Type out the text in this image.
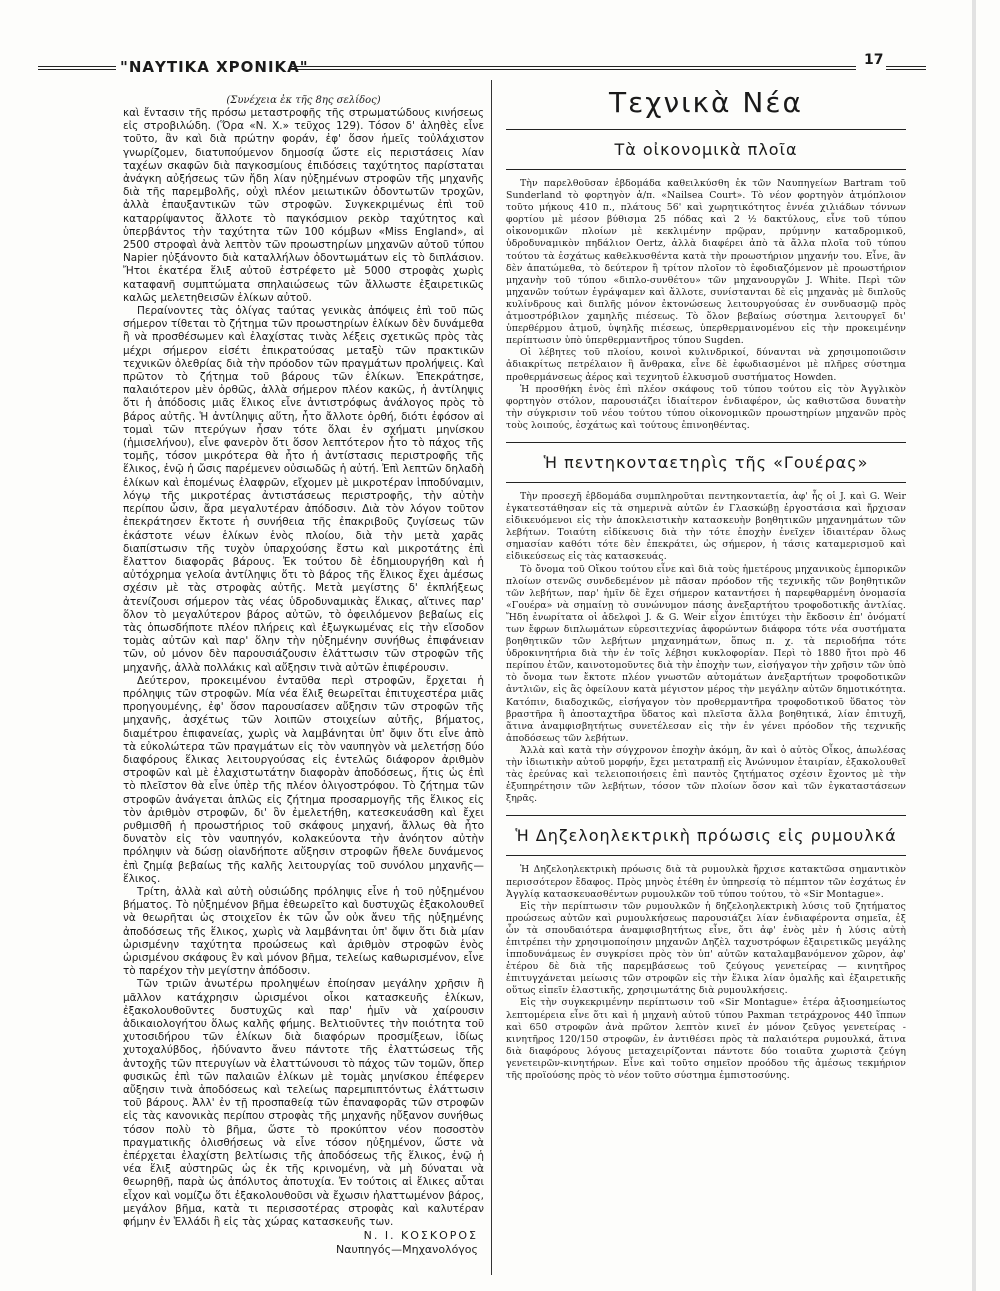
"ΝΑΥΤΙΚΑ ΧΡΟΝΙΚΑ"	17
(Συνέχεια ἐκ τῆς 8ης σελίδος)

καὶ ἔντασιν τῆς πρόσω μεταστροφῆς τῆς στρωματώδους κινήσεως εἰς στροβιλώδη. (Ὅρα «Ν. Χ.» τεῦχος 129). Τόσον δ' ἀληθὲς εἶνε τοῦτο, ἂν καὶ διὰ πρώτην φοράν, ἐφ' ὅσον ἡμεῖς τοὐλάχιστον γνωρίζομεν, διατυπούμενον δημοσίᾳ ὥστε εἰς περιστάσεις λίαν ταχέων σκαφῶν διὰ παγκοσμίους ἐπιδόσεις ταχύτητος παρίσταται ἀνάγκη αὐξήσεως τῶν ἤδη λίαν ηὐξημένων στροφῶν τῆς μηχανῆς διὰ τῆς παρεμβολῆς, οὐχὶ πλέον μειωτικῶν ὀδοντωτῶν τροχῶν, ἀλλὰ ἐπαυξαντικῶν τῶν στροφῶν. Συγκεκριμένως ἐπὶ τοῦ καταρρίψαντος ἄλλοτε τὸ παγκόσμιον ρεκὸρ ταχύτητος καὶ ὑπερβάντος τὴν ταχύτητα τῶν 100 κόμβων «Miss England», αἱ 2500 στροφαὶ ἀνὰ λεπτὸν τῶν προωστηρίων μηχανῶν αὐτοῦ τύπου Napier ηὐξάνοντο διὰ καταλλήλων ὀδοντωμάτων εἰς τὸ διπλάσιον. Ἤτοι ἑκατέρα ἕλιξ αὐτοῦ ἐστρέφετο μὲ 5000 στροφὰς χωρὶς καταφανῆ συμπτώματα σπηλαιώσεως τῶν ἄλλωστε ἐξαιρετικῶς καλῶς μελετηθεισῶν ἑλίκων αὐτοῦ.

Περαίνοντες τὰς ὀλίγας ταύτας γενικὰς ἀπόψεις ἐπὶ τοῦ πῶς σήμερον τίθεται τὸ ζήτημα τῶν προωστηρίων ἑλίκων δὲν δυνάμεθα ἢ νὰ προσθέσωμεν καὶ ἐλαχίστας τινὰς λέξεις σχετικῶς πρὸς τὰς μέχρι σήμερον εἰσέτι ἐπικρατούσας μεταξὺ τῶν πρακτικῶν τεχνικῶν ὀλεθρίας διὰ τὴν πρόοδον τῶν πραγμάτων προλήψεις. Καὶ πρῶτον τὸ ζήτημα τοῦ βάρους τῶν ἑλίκων. Ἐπεκράτησε, παλαιότερον μὲν ὀρθῶς, ἀλλὰ σήμερον πλέον κακῶς, ἡ ἀντίληψις ὅτι ἡ ἀπόδοσις μιᾶς ἕλικος εἶνε ἀντιστρόφως ἀνάλογος πρὸς τὸ βάρος αὐτῆς. Ἡ ἀντίληψις αὕτη, ἦτο ἄλλοτε ὀρθή, διότι ἐφόσον αἱ τομαὶ τῶν πτερύγων ἦσαν τότε ὅλαι ἐν σχήματι μηνίσκου (ἡμισελήνου), εἶνε φανερὸν ὅτι ὅσον λεπτότερον ἦτο τὸ πάχος τῆς τομῆς, τόσον μικρότερα θὰ ἦτο ἡ ἀντίστασις περιστροφῆς τῆς ἕλικος, ἐνῷ ἡ ὤσις παρέμενεν οὐσιωδῶς ἡ αὐτή. Ἐπὶ λεπτῶν δηλαδὴ ἑλίκων καὶ ἑπομένως ἐλαφρῶν, εἴχομεν μὲ μικροτέραν ἱπποδύναμιν, λόγῳ τῆς μικροτέρας ἀντιστάσεως περιστροφῆς, τὴν αὐτὴν περίπου ὦσιν, ἄρα μεγαλυτέραν ἀπόδοσιν. Διὰ τὸν λόγον τοῦτον ἐπεκράτησεν ἔκτοτε ἡ συνήθεια τῆς ἐπακριβοῦς ζυγίσεως τῶν ἑκάστοτε νέων ἑλίκων ἑνὸς πλοίου, διὰ τὴν μετὰ χαρᾶς διαπίστωσιν τῆς τυχὸν ὑπαρχούσης ἔστω καὶ μικροτάτης ἐπὶ ἔλαττον διαφορᾶς βάρους. Ἐκ τούτου δὲ ἐδημιουργήθη καὶ ἡ αὐτόχρημα γελοία ἀντίληψις ὅτι τὸ βάρος τῆς ἕλικος ἔχει ἀμέσως σχέσιν μὲ τὰς στροφὰς αὐτῆς. Μετὰ μεγίστης δ' ἐκπλήξεως ἀτενίζουσι σήμερον τὰς νέας ὑδροδυναμικὰς ἕλικας, αἵτινες παρ' ὅλον τὸ μεγαλύτερον βάρος αὐτῶν, τὸ ὀφειλόμενον βεβαίως εἰς τὰς ὁπωσδήποτε πλέον πλήρεις καὶ ἐξωγκωμένας εἰς τὴν εἴσοδον τομὰς αὐτῶν καὶ παρ' ὅλην τὴν ηὐξημένην συνήθως ἐπιφάνειαν τῶν, οὐ μόνον δὲν παρουσιάζουσιν ἐλάττωσιν τῶν στροφῶν τῆς μηχανῆς, ἀλλὰ πολλάκις καὶ αὔξησιν τινὰ αὐτῶν ἐπιφέρουσιν.

Δεύτερον, προκειμένου ἐνταῦθα περὶ στροφῶν, ἔρχεται ἡ πρόληψις τῶν στροφῶν. Μία νέα ἕλιξ θεωρεῖται ἐπιτυχεστέρα μιᾶς προηγουμένης, ἐφ' ὅσον παρουσίασεν αὔξησιν τῶν στροφῶν τῆς μηχανῆς, ἀσχέτως τῶν λοιπῶν στοιχείων αὐτῆς, βήματος, διαμέτρου ἐπιφανείας, χωρὶς νὰ λαμβάνηται ὑπ' ὄψιν ὅτι εἶνε ἀπὸ τὰ εὐκολώτερα τῶν πραγμάτων εἰς τὸν ναυπηγὸν νὰ μελετήσῃ δύο διαφόρους ἕλικας λειτουργούσας εἰς ἐντελῶς διάφορον ἀριθμὸν στροφῶν καὶ μὲ ἐλαχιστωτάτην διαφορὰν ἀποδόσεως, ἥτις ὡς ἐπὶ τὸ πλεῖστον θὰ εἶνε ὑπὲρ τῆς πλέον ὀλιγοστρόφου. Τὸ ζήτημα τῶν στροφῶν ἀνάγεται ἁπλῶς εἰς ζήτημα προσαρμογῆς τῆς ἕλικος εἰς τὸν ἀριθμὸν στροφῶν, δι' ὃν ἐμελετήθη, κατεσκευάσθη καὶ ἔχει ρυθμισθῆ ἡ προωστήριος τοῦ σκάφους μηχανή, ἄλλως θὰ ἦτο δυνατὸν εἰς τὸν ναυπηγόν, κολακεύοντα τὴν ἀνόητον αὐτὴν πρόληψιν νὰ δώσῃ οἱανδήποτε αὔξησιν στροφῶν ἤθελε δυνάμενος ἐπὶ ζημίᾳ βεβαίως τῆς καλῆς λειτουργίας τοῦ συνόλου μηχανῆς—ἕλικος.

Τρίτη, ἀλλὰ καὶ αὐτὴ οὐσιώδης πρόληψις εἶνε ἡ τοῦ ηὐξημένου βήματος. Τὸ ηὐξημένον βῆμα ἐθεωρεῖτο καὶ δυστυχῶς ἐξακολουθεῖ νὰ θεωρῆται ὡς στοιχεῖον ἐκ τῶν ὧν οὐκ ἄνευ τῆς ηὐξημένης ἀποδόσεως τῆς ἕλικος, χωρὶς νὰ λαμβάνηται ὑπ' ὄψιν ὅτι διὰ μίαν ὡρισμένην ταχύτητα προώσεως καὶ ἀριθμὸν στροφῶν ἑνὸς ὡρισμένου σκάφους ἓν καὶ μόνον βῆμα, τελείως καθωρισμένον, εἶνε τὸ παρέχον τὴν μεγίστην ἀπόδοσιν.

Τῶν τριῶν ἀνωτέρω προληψέων ἐποίησαν μεγάλην χρῆσιν ἢ μᾶλλον κατάχρησιν ὡρισμένοι οἶκοι κατασκευῆς ἑλίκων, ἐξακολουθοῦντες δυστυχῶς καὶ παρ' ἡμῖν νὰ χαίρουσιν ἀδικαιολογήτου ὅλως καλῆς φήμης. Βελτιοῦντες τὴν ποιότητα τοῦ χυτοσιδήρου τῶν ἑλίκων διὰ διαφόρων προσμίξεων, ἰδίως χυτοχαλύβδος, ἠδύναντο ἄνευ πάντοτε τῆς ἐλαττώσεως τῆς ἀντοχῆς τῶν πτερυγίων νὰ ἐλαττώνουσι τὸ πάχος τῶν τομῶν, ὅπερ φυσικῶς ἐπὶ τῶν παλαιῶν ἑλίκων μὲ τομὰς μηνίσκου ἐπέφερεν αὔξησιν τινὰ ἀποδόσεως καὶ τελείως παρεμπιπτόντως ἐλάττωσιν τοῦ βάρους. Ἀλλ' ἐν τῇ προσπαθείᾳ τῶν ἐπαναφορᾶς τῶν στροφῶν εἰς τὰς κανονικὰς περίπου στροφὰς τῆς μηχανῆς ηὔξανον συνήθως τόσον πολὺ τὸ βῆμα, ὥστε τὸ προκύπτον νέον ποσοστὸν πραγματικῆς ὀλισθήσεως νὰ εἶνε τόσον ηὐξημένον, ὥστε νὰ ἐπέρχεται ἐλαχίστη βελτίωσις τῆς ἀποδόσεως τῆς ἕλικος, ἐνῷ ἡ νέα ἕλιξ αὐστηρῶς ὡς ἐκ τῆς κρινομένη, νὰ μὴ δύναται νὰ θεωρηθῇ, παρὰ ὡς ἀπόλυτος ἀποτυχία. Ἐν τούτοις αἱ ἕλικες αὗται εἶχον καὶ νομίζω ὅτι ἐξακολουθοῦσι νὰ ἔχωσιν ἠλαττωμένον βάρος, μεγάλον βῆμα, κατὰ τι περισσοτέρας στροφὰς καὶ καλυτέραν φήμην ἐν Ἑλλάδι ἢ εἰς τὰς χώρας κατασκευῆς των.

Ν. Ι. ΚΟΣΚΟΡΟΣ
Ναυπηγός—Μηχανολόγος
Τεχνικὰ Νέα
Τὰ οἰκονομικὰ πλοῖα

Τὴν παρελθοῦσαν ἑβδομάδα καθειλκύσθη ἐκ τῶν Ναυπηγείων Bartram τοῦ Sunderland τὸ φορτηγὸν ἀ/π. «Nailsea Court». Τὸ νέον φορτηγὸν ἀτμόπλοιον τοῦτο μήκους 410 π., πλάτους 56' καὶ χωρητικότητος ἐννέα χιλιάδων τόννων φορτίου μὲ μέσον βύθισμα 25 πόδας καὶ 2 ½ δακτύλους, εἶνε τοῦ τύπου οἰκονομικῶν πλοίων μὲ κεκλιμένην πρῷραν, πρύμνην καταδρομικοῦ, ὑδροδυναμικὸν πηδάλιον Oertz, ἀλλὰ διαφέρει ἀπὸ τὰ ἄλλα πλοῖα τοῦ τύπου τούτου τὰ ἐσχάτως καθελκυσθέντα κατὰ τὴν προωστήριον μηχανήν του. Εἶνε, ἂν δὲν ἀπατώμεθα, τὸ δεύτερον ἢ τρίτον πλοῖον τὸ ἐφοδιαζόμενον μὲ προωστήριον μηχανὴν τοῦ τύπου «διπλο-συνθέτου» τῶν μηχανουργῶν J. White. Περὶ τῶν μηχανῶν τούτων ἐγράψαμεν καὶ ἄλλοτε, συνίστανται δὲ εἰς μηχανὰς μὲ διπλοῦς κυλίνδρους καὶ διπλῆς μόνον ἐκτονώσεως λειτουργούσας ἐν συνδυασμῷ πρὸς ἀτμοστρόβιλον χαμηλῆς πιέσεως. Τὸ ὅλον βεβαίως σύστημα λειτουργεῖ δι' ὑπερθέρμου ἀτμοῦ, ὑψηλῆς πιέσεως, ὑπερθερμαινομένου εἰς τὴν προκειμένην περίπτωσιν ὑπὸ ὑπερθερμαντῆρος τύπου Sugden.

Οἱ λέβητες τοῦ πλοίου, κοινοὶ κυλινδρικοί, δύνανται νὰ χρησιμοποιῶσιν ἀδιακρίτως πετρέλαιον ἢ ἄνθρακα, εἶνε δὲ ἐφωδιασμένοι μὲ πλῆρες σύστημα προθερμάνσεως ἀέρος καὶ τεχνητοῦ ἑλκυσμοῦ συστήματος Howden.

Ἡ προσθήκη ἑνὸς ἐπὶ πλέον σκάφους τοῦ τύπου τούτου εἰς τὸν Ἀγγλικὸν φορτηγὸν στόλον, παρουσιάζει ἰδιαίτερον ἐνδιαφέρον, ὡς καθιστῶσα δυνατὴν τὴν σύγκρισιν τοῦ νέου τούτου τύπου οἰκονομικῶν προωστηρίων μηχανῶν πρὸς τοὺς λοιπούς, ἐσχάτως καὶ τούτους ἐπινοηθέντας.

Ἡ πεντηκονταετηρὶς τῆς «Γουέρας»

Τὴν προσεχῆ ἑβδομάδα συμπληροῦται πεντηκονταετία, ἀφ' ἧς οἱ J. καὶ G. Weir ἐγκατεστάθησαν εἰς τὰ σημερινὰ αὐτῶν ἐν Γλασκώβῃ ἐργοστάσια καὶ ἤρχισαν εἰδικευόμενοι εἰς τὴν ἀποκλειστικὴν κατασκευὴν βοηθητικῶν μηχανημάτων τῶν λεβήτων. Τοιαύτη εἰδίκευσις διὰ τὴν τότε ἐποχὴν ἐνεῖχεν ἰδιαιτέραν ὅλως σημασίαν καθότι τότε δὲν ἐπεκράτει, ὡς σήμερον, ἡ τάσις καταμερισμοῦ καὶ εἰδικεύσεως εἰς τὰς κατασκευάς.

Τὸ ὄνομα τοῦ Οἴκου τούτου εἶνε καὶ διὰ τοὺς ἡμετέρους μηχανικοὺς ἐμπορικῶν πλοίων στενῶς συνδεδεμένον μὲ πᾶσαν πρόοδον τῆς τεχνικῆς τῶν βοηθητικῶν τῶν λεβήτων, παρ' ἡμῖν δὲ ἔχει σήμερον καταντήσει ἡ παρεφθαρμένη ὀνομασία «Γουέρα» νὰ σημαίνῃ τὸ συνώνυμον πάσης ἀνεξαρτήτου τροφοδοτικῆς ἀντλίας. Ἤδη ἐνωρίτατα οἱ ἀδελφοὶ J. & G. Weir εἶχον ἐπιτύχει τὴν ἔκδοσιν ἐπ' ὀνόματί των ἔφρων διπλωμάτων εὑρεσιτεχνίας ἀφορώντων διάφορα τότε νέα συστήματα βοηθητικῶν τῶν λεβήτων μηχανημάτων, ὅπως π. χ. τὰ περιοδήπα τότε ὑδροκινητήρια διὰ τὴν ἐν τοῖς λέβησι κυκλοφορίαν. Περὶ τὸ 1880 ἤτοι πρὸ 46 περίπου ἐτῶν, καινοτομοῦντες διὰ τὴν ἐποχὴν των, εἰσήγαγον τὴν χρῆσιν τῶν ὑπὸ τὸ ὄνομα των ἔκτοτε πλέον γνωστῶν αὐτομάτων ἀνεξαρτήτων τροφοδοτικῶν ἀντλιῶν, εἰς ἃς ὀφείλουν κατὰ μέγιστον μέρος τὴν μεγάλην αὐτῶν δημοτικότητα. Κατόπιν, διαδοχικῶς, εἰσήγαγον τὸν προθερμαντῆρα τροφοδοτικοῦ ὕδατος τὸν βραστῆρα ἢ ἀποσταχτῆρα ὕδατος καὶ πλεῖστα ἄλλα βοηθητικά, λίαν ἐπιτυχῆ, ἅτινα ἀναμφισβητήτως συνετέλεσαν εἰς τὴν ἐν γένει πρόοδον τῆς τεχνικῆς ἀποδόσεως τῶν λεβήτων.

Ἀλλὰ καὶ κατὰ τὴν σύγχρονον ἐποχὴν ἀκόμη, ἂν καὶ ὁ αὐτὸς Οἶκος, ἀπωλέσας τὴν ἰδιωτικὴν αὐτοῦ μορφήν, ἔχει μετατραπῇ εἰς Ἀνώνυμον ἑταιρίαν, ἐξακολουθεῖ τὰς ἐρεύνας καὶ τελειοποιήσεις ἐπὶ παντὸς ζητήματος σχέσιν ἔχοντος μὲ τὴν ἐξυπηρέτησιν τῶν λεβήτων, τόσον τῶν πλοίων ὅσον καὶ τῶν ἐγκαταστάσεων ξηρᾶς.

Ἡ Δηζελοηλεκτρικὴ πρόωσις εἰς ρυμουλκά

Ἡ Δηζελοηλεκτρικὴ πρόωσις διὰ τὰ ρυμουλκὰ ἤρχισε κατακτῶσα σημαντικὸν περισσότερον ἔδαφος. Πρὸς μηνὸς ἐτέθη ἐν ὑπηρεσίᾳ τὸ πέμπτον τῶν ἐσχάτως ἐν Ἀγγλίᾳ κατασκευασθέντων ρυμουλκῶν τοῦ τύπου τούτου, τὸ «Sir Montague».

Εἰς τὴν περίπτωσιν τῶν ρυμουλκῶν ἡ δηζελοηλεκτρικὴ λύσις τοῦ ζητήματος προώσεως αὐτῶν καὶ ρυμουλκήσεως παρουσιάζει λίαν ἐνδιαφέροντα σημεῖα, ἐξ ὧν τὰ σπουδαιότερα ἀναμφισβητήτως εἶνε, ὅτι ἀφ' ἑνὸς μὲν ἡ λύσις αὐτὴ ἐπιτρέπει τὴν χρησιμοποίησιν μηχανῶν Δηζὲλ ταχυστρόφων ἐξαιρετικῶς μεγάλης ἱπποδυνάμεως ἐν συγκρίσει πρὸς τὸν ὑπ' αὐτῶν καταλαμβανόμενον χῶρον, ἀφ' ἑτέρου δὲ διὰ τῆς παρεμβάσεως τοῦ ζεύγους γενετείρας — κινητῆρος ἐπιτυγχάνεται μείωσις τῶν στροφῶν εἰς τὴν ἕλικα λίαν ὁμαλῆς καὶ ἐξαιρετικῆς οὕτως εἰπεῖν ἐλαστικῆς, χρησιμωτάτης διὰ ρυμουλκήσεις.

Εἰς τὴν συγκεκριμένην περίπτωσιν τοῦ «Sir Montague» ἑτέρα ἀξιοσημείωτος λεπτομέρεια εἶνε ὅτι καὶ ἡ μηχανὴ αὐτοῦ τύπου Paxman τετράχρονος 440 ἵππων καὶ 650 στροφῶν ἀνὰ πρῶτον λεπτὸν κινεῖ ἐν μόνον ζεῦγος γενετείρας - κινητῆρος 120/150 στροφῶν, ἐν ἀντιθέσει πρὸς τὰ παλαιότερα ρυμουλκά, ἅτινα διὰ διαφόρους λόγους μεταχειρίζονται πάντοτε δύο τοιαῦτα χωριστὰ ζεύγη γενετειρῶν-κινητήρων. Εἶνε καὶ τοῦτο σημεῖον προόδου τῆς ἀμέσως τεκμήριον τῆς προϊούσης πρὸς τὸ νέον τοῦτο σύστημα ἐμπιστοσύνης.
